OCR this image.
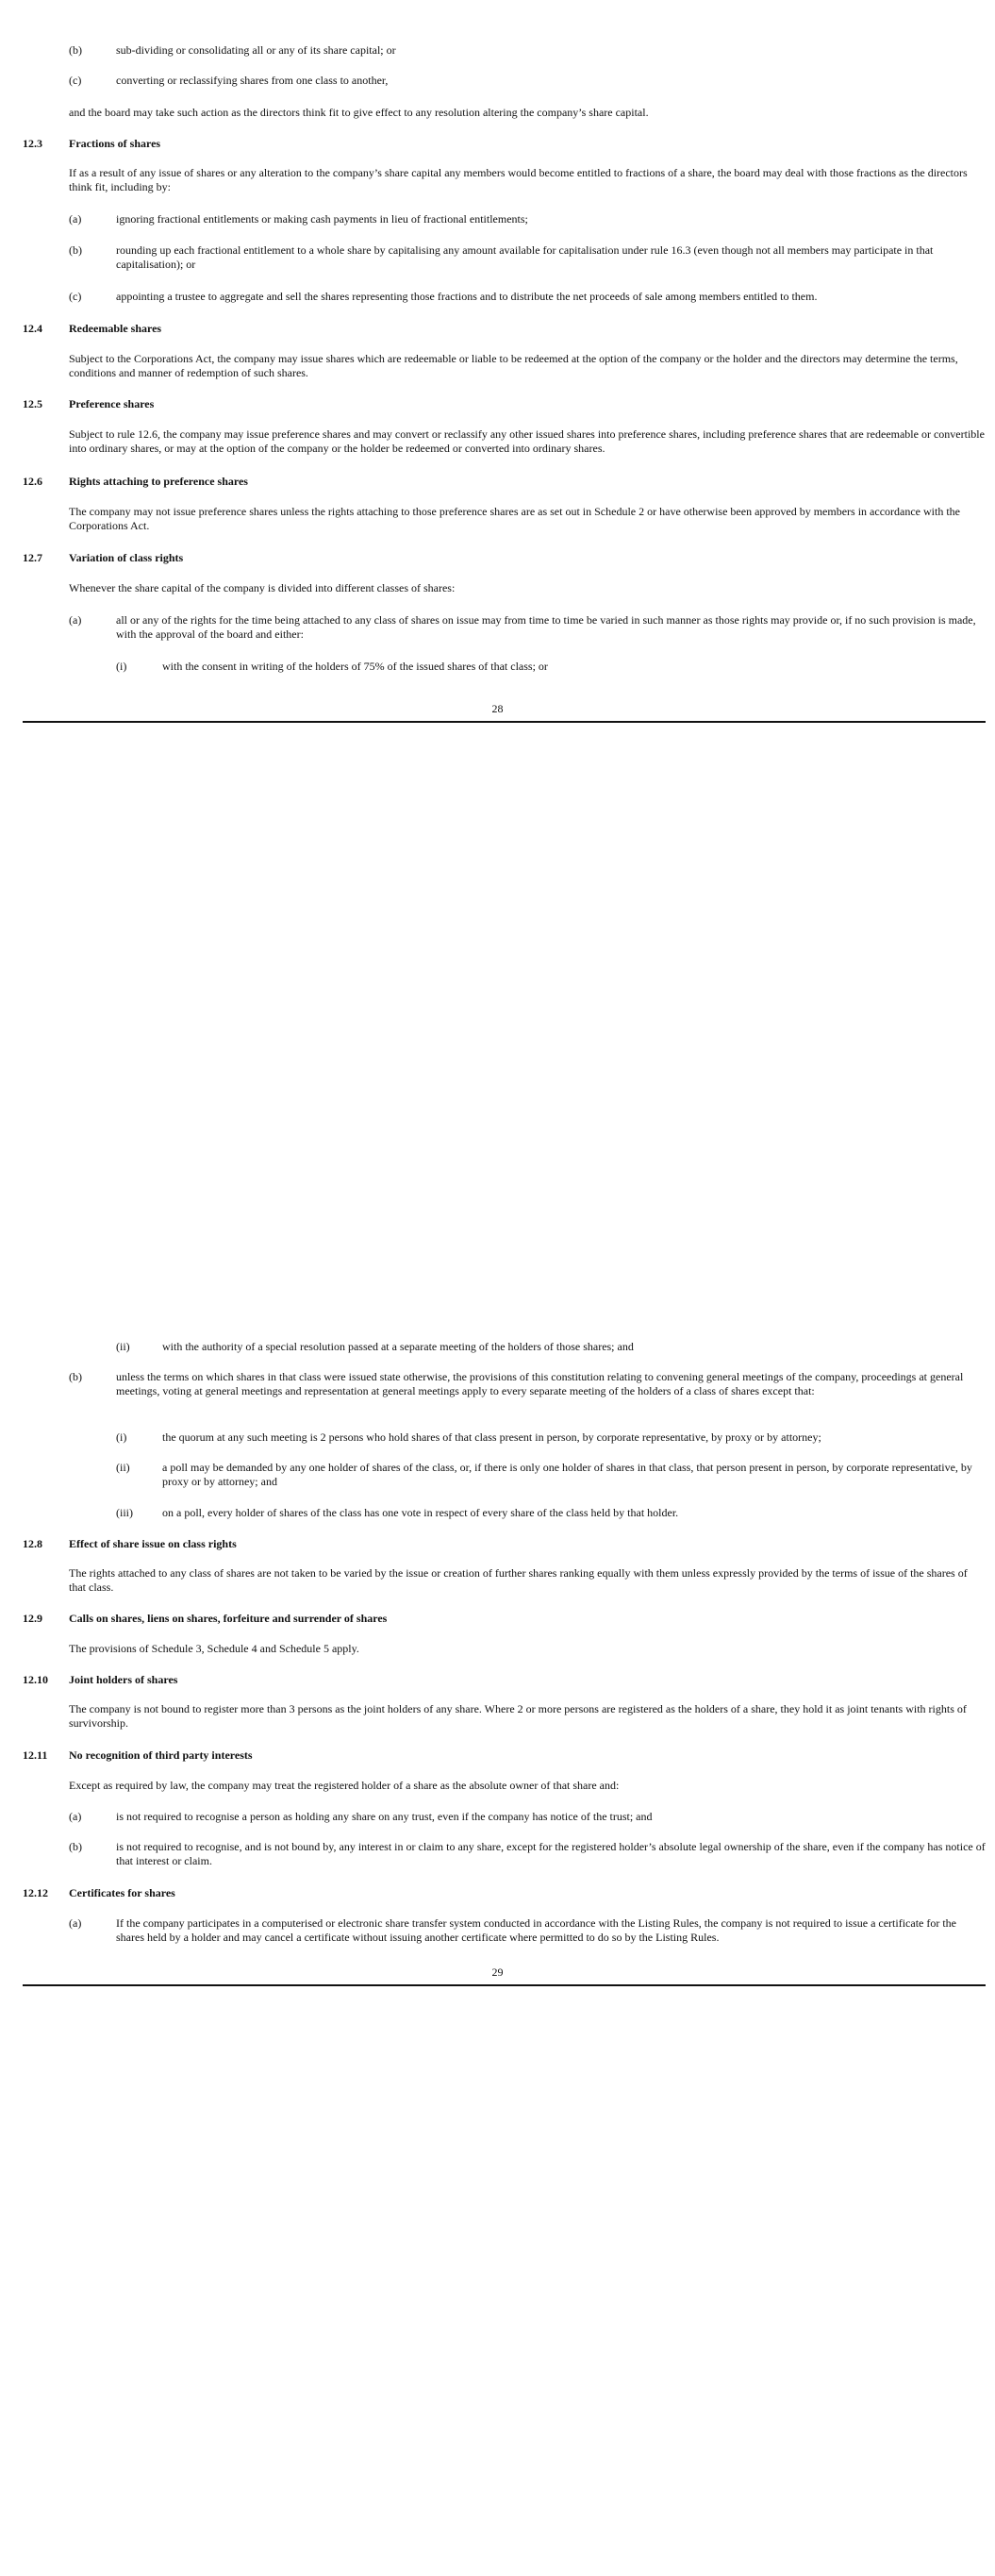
(b)	sub-dividing or consolidating all or any of its share capital; or

(c)	converting or reclassifying shares from one class to another,

and the board may take such action as the directors think fit to give effect to any resolution altering the company’s share capital.

12.3 Fractions of shares

If as a result of any issue of shares or any alteration to the company’s share capital any members would become entitled to fractions of a share, the board may deal with those fractions as the directors think fit, including by:

(a)	ignoring fractional entitlements or making cash payments in lieu of fractional entitlements;

(b)	rounding up each fractional entitlement to a whole share by capitalising any amount available for capitalisation under rule 16.3 (even though not all members may participate in that capitalisation); or

(c)	appointing a trustee to aggregate and sell the shares representing those fractions and to distribute the net proceeds of sale among members entitled to them.

12.4 Redeemable shares

Subject to the Corporations Act, the company may issue shares which are redeemable or liable to be redeemed at the option of the company or the holder and the directors may determine the terms, conditions and manner of redemption of such shares.

12.5 Preference shares

Subject to rule 12.6, the company may issue preference shares and may convert or reclassify any other issued shares into preference shares, including preference shares that are redeemable or convertible into ordinary shares, or may at the option of the company or the holder be redeemed or converted into ordinary shares.

12.6 Rights attaching to preference shares

The company may not issue preference shares unless the rights attaching to those preference shares are as set out in Schedule 2 or have otherwise been approved by members in accordance with the Corporations Act.

12.7 Variation of class rights

Whenever the share capital of the company is divided into different classes of shares:

(a)	all or any of the rights for the time being attached to any class of shares on issue may from time to time be varied in such manner as those rights may provide or, if no such provision is made, with the approval of the board and either:

(i)	with the consent in writing of the holders of 75% of the issued shares of that class; or

28
(ii)	with the authority of a special resolution passed at a separate meeting of the holders of those shares; and

(b)	unless the terms on which shares in that class were issued state otherwise, the provisions of this constitution relating to convening general meetings of the company, proceedings at general meetings, voting at general meetings and representation at general meetings apply to every separate meeting of the holders of a class of shares except that:

(i)	the quorum at any such meeting is 2 persons who hold shares of that class present in person, by corporate representative, by proxy or by attorney;

(ii)	a poll may be demanded by any one holder of shares of the class, or, if there is only one holder of shares in that class, that person present in person, by corporate representative, by proxy or by attorney; and

(iii)	on a poll, every holder of shares of the class has one vote in respect of every share of the class held by that holder.

12.8 Effect of share issue on class rights

The rights attached to any class of shares are not taken to be varied by the issue or creation of further shares ranking equally with them unless expressly provided by the terms of issue of the shares of that class.

12.9 Calls on shares, liens on shares, forfeiture and surrender of shares

The provisions of Schedule 3, Schedule 4 and Schedule 5 apply.

12.10 Joint holders of shares

The company is not bound to register more than 3 persons as the joint holders of any share. Where 2 or more persons are registered as the holders of a share, they hold it as joint tenants with rights of survivorship.

12.11 No recognition of third party interests

Except as required by law, the company may treat the registered holder of a share as the absolute owner of that share and:

(a)	is not required to recognise a person as holding any share on any trust, even if the company has notice of the trust; and

(b)	is not required to recognise, and is not bound by, any interest in or claim to any share, except for the registered holder’s absolute legal ownership of the share, even if the company has notice of that interest or claim.

12.12 Certificates for shares
(a)	If the company participates in a computerised or electronic share transfer system conducted in accordance with the Listing Rules, the company is not required to issue a certificate for the shares held by a holder and may cancel a certificate without issuing another certificate where permitted to do so by the Listing Rules.

29
